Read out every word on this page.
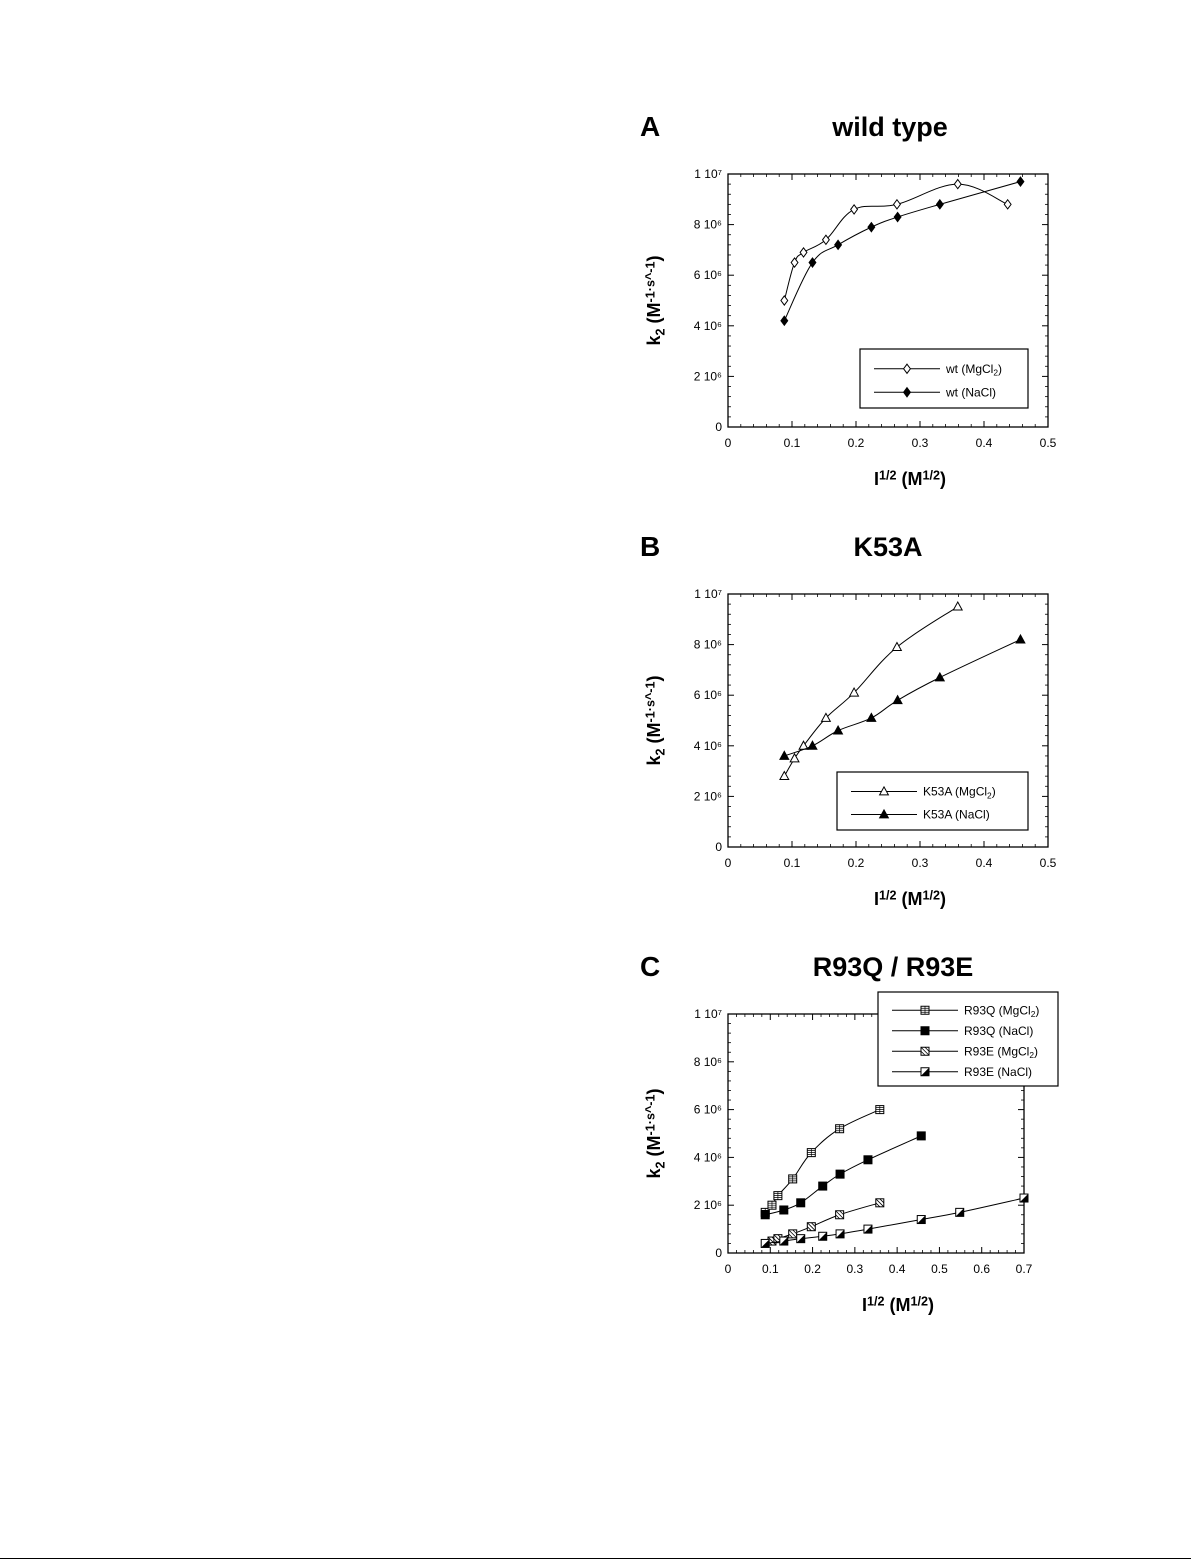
A	wild type
0	0.1	0.2	0.3	0.4	0.5
0
2 10⁶
4 10⁶
6 10⁶
8 10⁶
1 10⁷
$I^{1/2}$ $(M^{1/2})$
$k_2$ $(M^{-1\cdot s\^{}-1})$
wt (MgCl$_2$)
wt (NaCl)
B	K53A
0	0.1	0.2	0.3	0.4	0.5
0
2 10⁶
4 10⁶
6 10⁶
8 10⁶
1 10⁷
$I^{1/2}$ $(M^{1/2})$
$k_2$ $(M^{-1\cdot s\^{}-1})$
K53A (MgCl$_2$)
K53A (NaCl)
C	R93Q / R93E
0	0.1 0.2 0.3 0.4 0.5 0.6 0.7
0
2 10⁶
4 10⁶
6 10⁶
8 10⁶
1 10⁷
$I^{1/2}$ $(M^{1/2})$
$k_2$ $(M^{-1\cdot s\^{}-1})$
R93Q (MgCl$_2$)
R93Q (NaCl)
R93E (MgCl$_2$)
R93E (NaCl)
